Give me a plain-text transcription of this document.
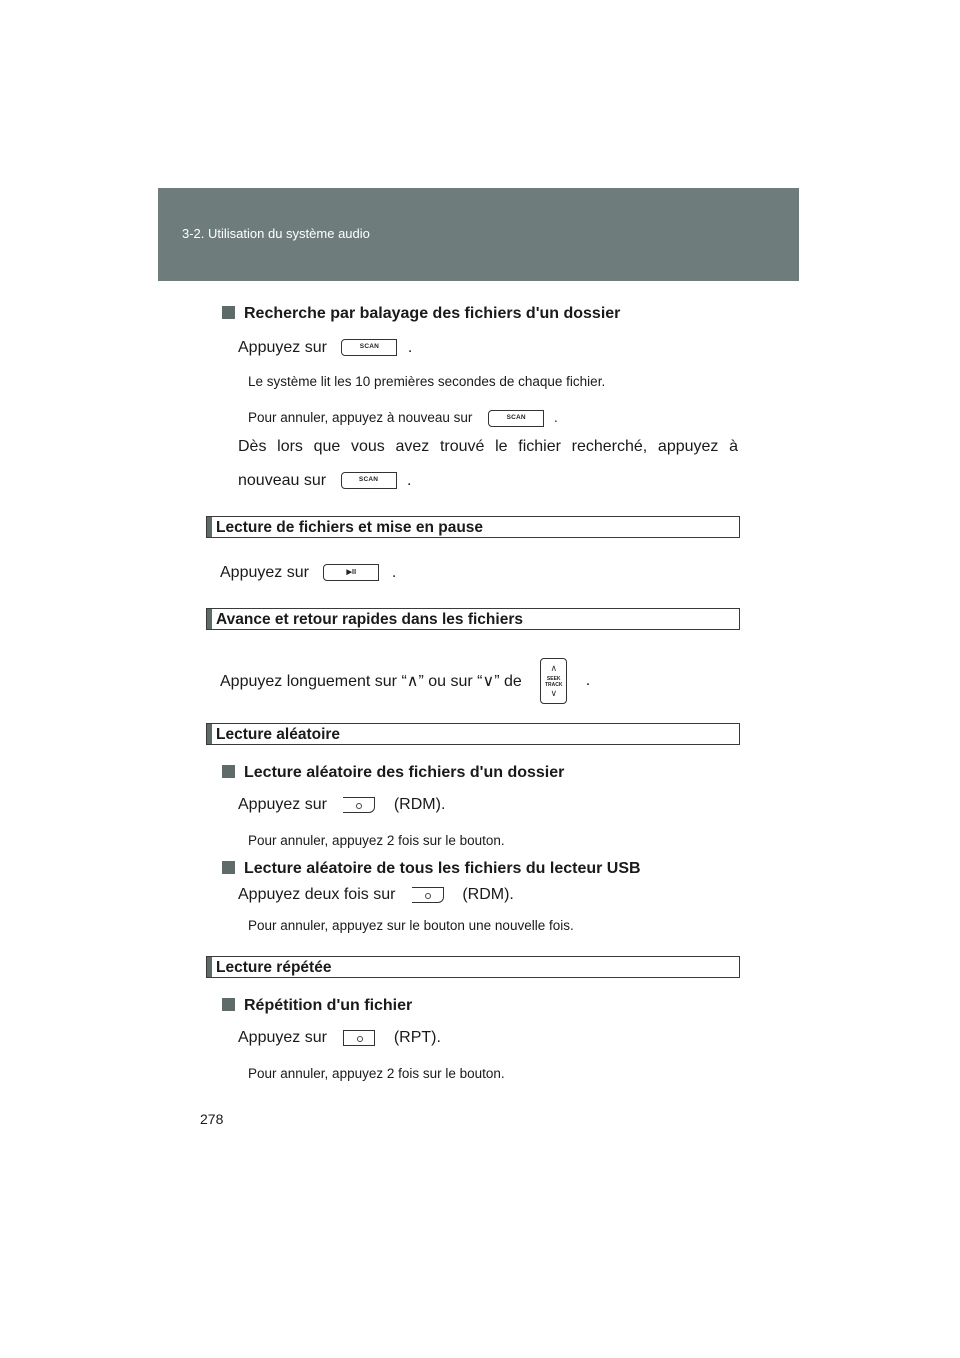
3-2. Utilisation du système audio
Recherche par balayage des fichiers d'un dossier
Appuyez sur	SCAN	.
Le système lit les 10 premières secondes de chaque fichier.
Pour annuler, appuyez à nouveau sur	SCAN	.
Dès lors que vous avez trouvé le fichier recherché, appuyez à
nouveau sur	SCAN	.
Lecture de fichiers et mise en pause
Appuyez sur	▶II	.
Avance et retour rapides dans les fichiers
Appuyez longuement sur “∧” ou sur “∨” de
∧
SEEK
TRACK
∨
.
Lecture aléatoire
Lecture aléatoire des fichiers d'un dossier
Appuyez sur	(RDM).
Pour annuler, appuyez 2 fois sur le bouton.
Lecture aléatoire de tous les fichiers du lecteur USB
Appuyez deux fois sur	(RDM).
Pour annuler, appuyez sur le bouton une nouvelle fois.
Lecture répétée
Répétition d'un fichier
Appuyez sur	(RPT).
Pour annuler, appuyez 2 fois sur le bouton.
278
